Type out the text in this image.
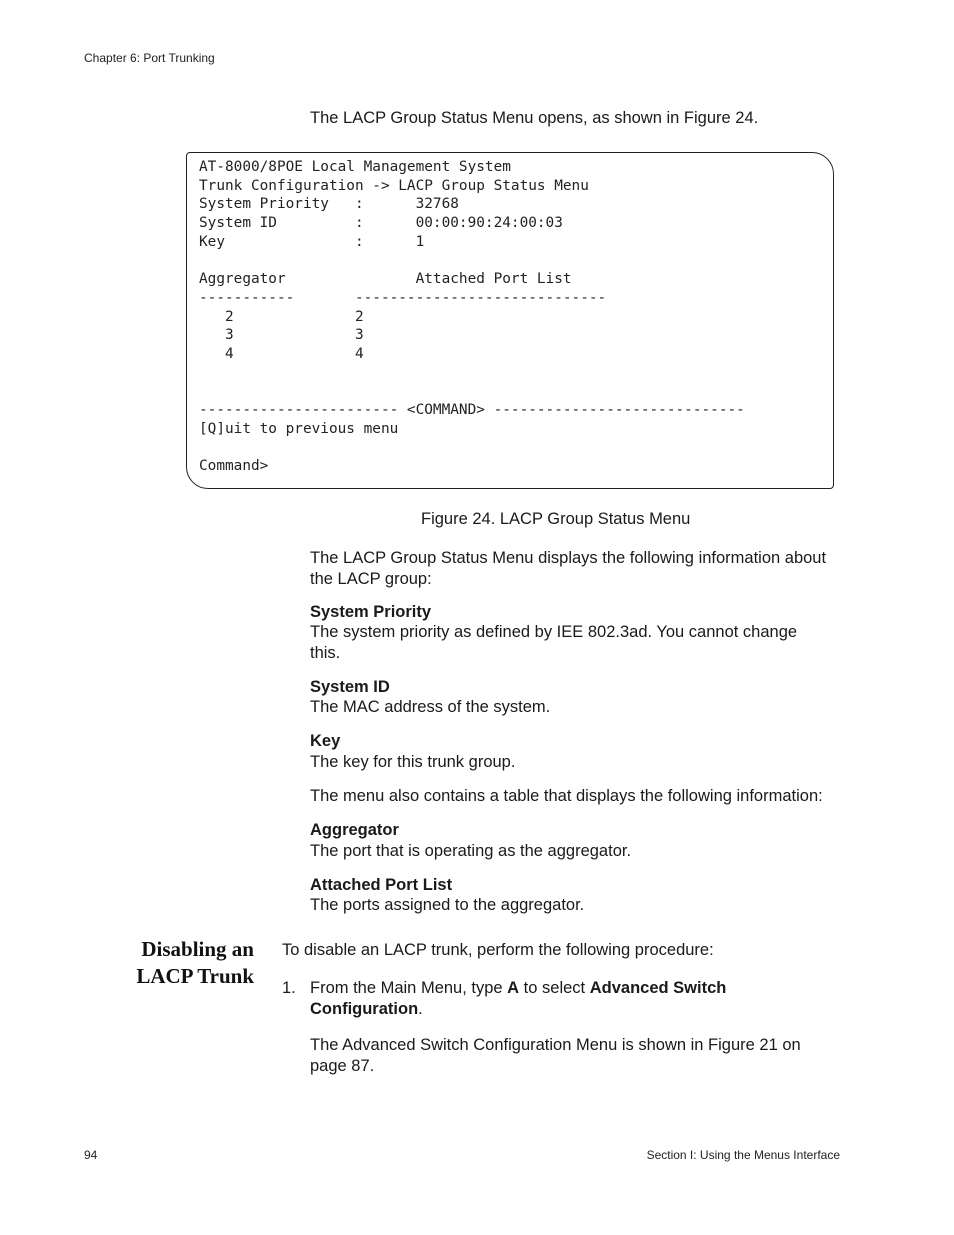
Chapter 6: Port Trunking
The LACP Group Status Menu opens, as shown in Figure 24.
AT-8000/8POE Local Management System
Trunk Configuration -> LACP Group Status Menu
System Priority   :      32768
System ID         :      00:00:90:24:00:03
Key               :      1
Aggregator               Attached Port List
-----------       -----------------------------
2              2
3              3
4              4
----------------------- <COMMAND> -----------------------------
[Q]uit to previous menu
Command>
Figure 24. LACP Group Status Menu
The LACP Group Status Menu displays the following information about the LACP group:
System Priority
The system priority as defined by IEE 802.3ad. You cannot change this.
System ID
The MAC address of the system.
Key
The key for this trunk group.
The menu also contains a table that displays the following information:
Aggregator
The port that is operating as the aggregator.
Attached Port List
The ports assigned to the aggregator.
Disabling an
LACP Trunk
To disable an LACP trunk, perform the following procedure:
1. From the Main Menu, type A to select Advanced Switch Configuration.
The Advanced Switch Configuration Menu is shown in Figure 21 on page 87.
94	Section I: Using the Menus Interface
